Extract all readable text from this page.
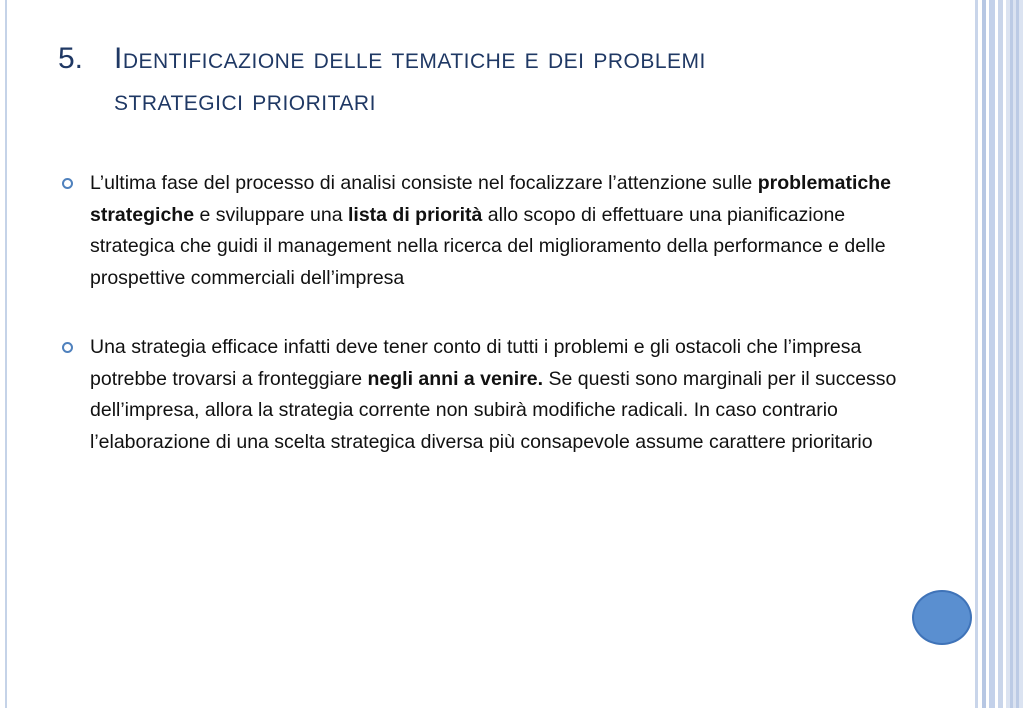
5.	Identificazione delle tematiche e dei problemi
strategici prioritari
L’ultima fase del processo di analisi consiste nel focalizzare l’attenzione sulle problematiche strategiche e sviluppare una lista di priorità allo scopo di effettuare una pianificazione strategica che guidi il management nella ricerca del miglioramento della performance e delle prospettive commerciali dell’impresa
Una strategia efficace infatti deve tener conto di tutti i problemi e gli ostacoli che l’impresa potrebbe trovarsi a fronteggiare negli anni a venire. Se questi sono marginali per il successo dell’impresa, allora la strategia corrente non subirà modifiche radicali. In caso contrario l’elaborazione di una scelta strategica diversa più consapevole assume carattere prioritario
